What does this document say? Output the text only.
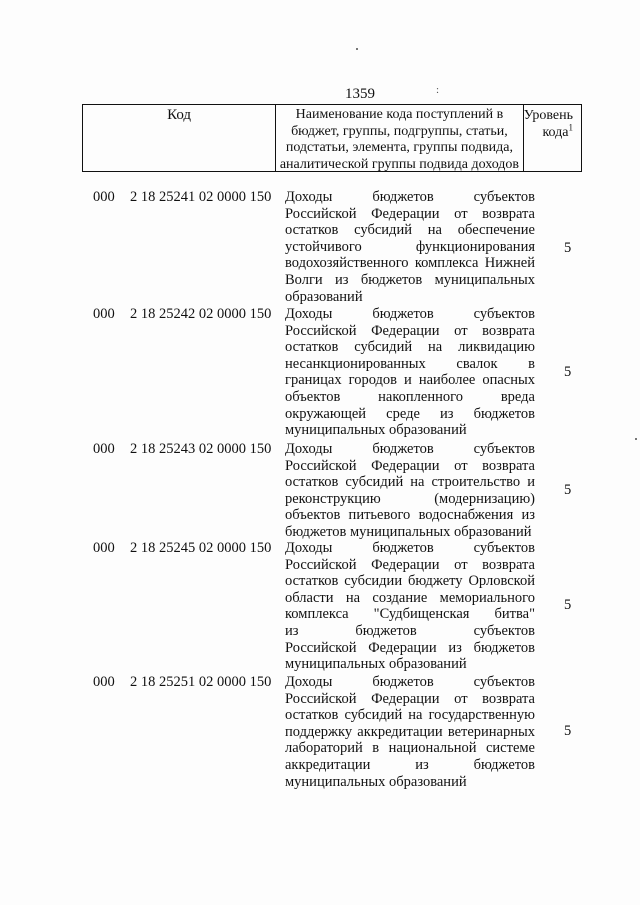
1359	:
Код	Наименование кода поступлений в
бюджет, группы, подгруппы, статьи,
подстатьи, элемента, группы подвида,
аналитической группы подвида доходов
Уровень
кода$^1$
000 2 18 25241 02 0000 150 Доходы бюджетов субъектов
Российской Федерации от возврата
остатков субсидий на обеспечение
устойчивого функционирования
водохозяйственного комплекса Нижней
Волги из бюджетов муниципальных
образований
5
000 2 18 25242 02 0000 150 Доходы бюджетов субъектов
Российской Федерации от возврата
остатков субсидий на ликвидацию
несанкционированных свалок в
границах городов и наиболее опасных
объектов накопленного вреда
окружающей среде из бюджетов
муниципальных образований
5
000 2 18 25243 02 0000 150 Доходы бюджетов субъектов
Российской Федерации от возврата
остатков субсидий на строительство и
реконструкцию (модернизацию)
объектов питьевого водоснабжения из
бюджетов муниципальных образований
5
000 2 18 25245 02 0000 150 Доходы бюджетов субъектов
Российской Федерации от возврата
остатков субсидии бюджету Орловской
области на создание мемориального
комплекса "Судбищенская битва"
из бюджетов субъектов
Российской Федерации из бюджетов
муниципальных образований
5
000 2 18 25251 02 0000 150 Доходы бюджетов субъектов
Российской Федерации от возврата
остатков субсидий на государственную
поддержку аккредитации ветеринарных
лабораторий в национальной системе
аккредитации из бюджетов
муниципальных образований
5
